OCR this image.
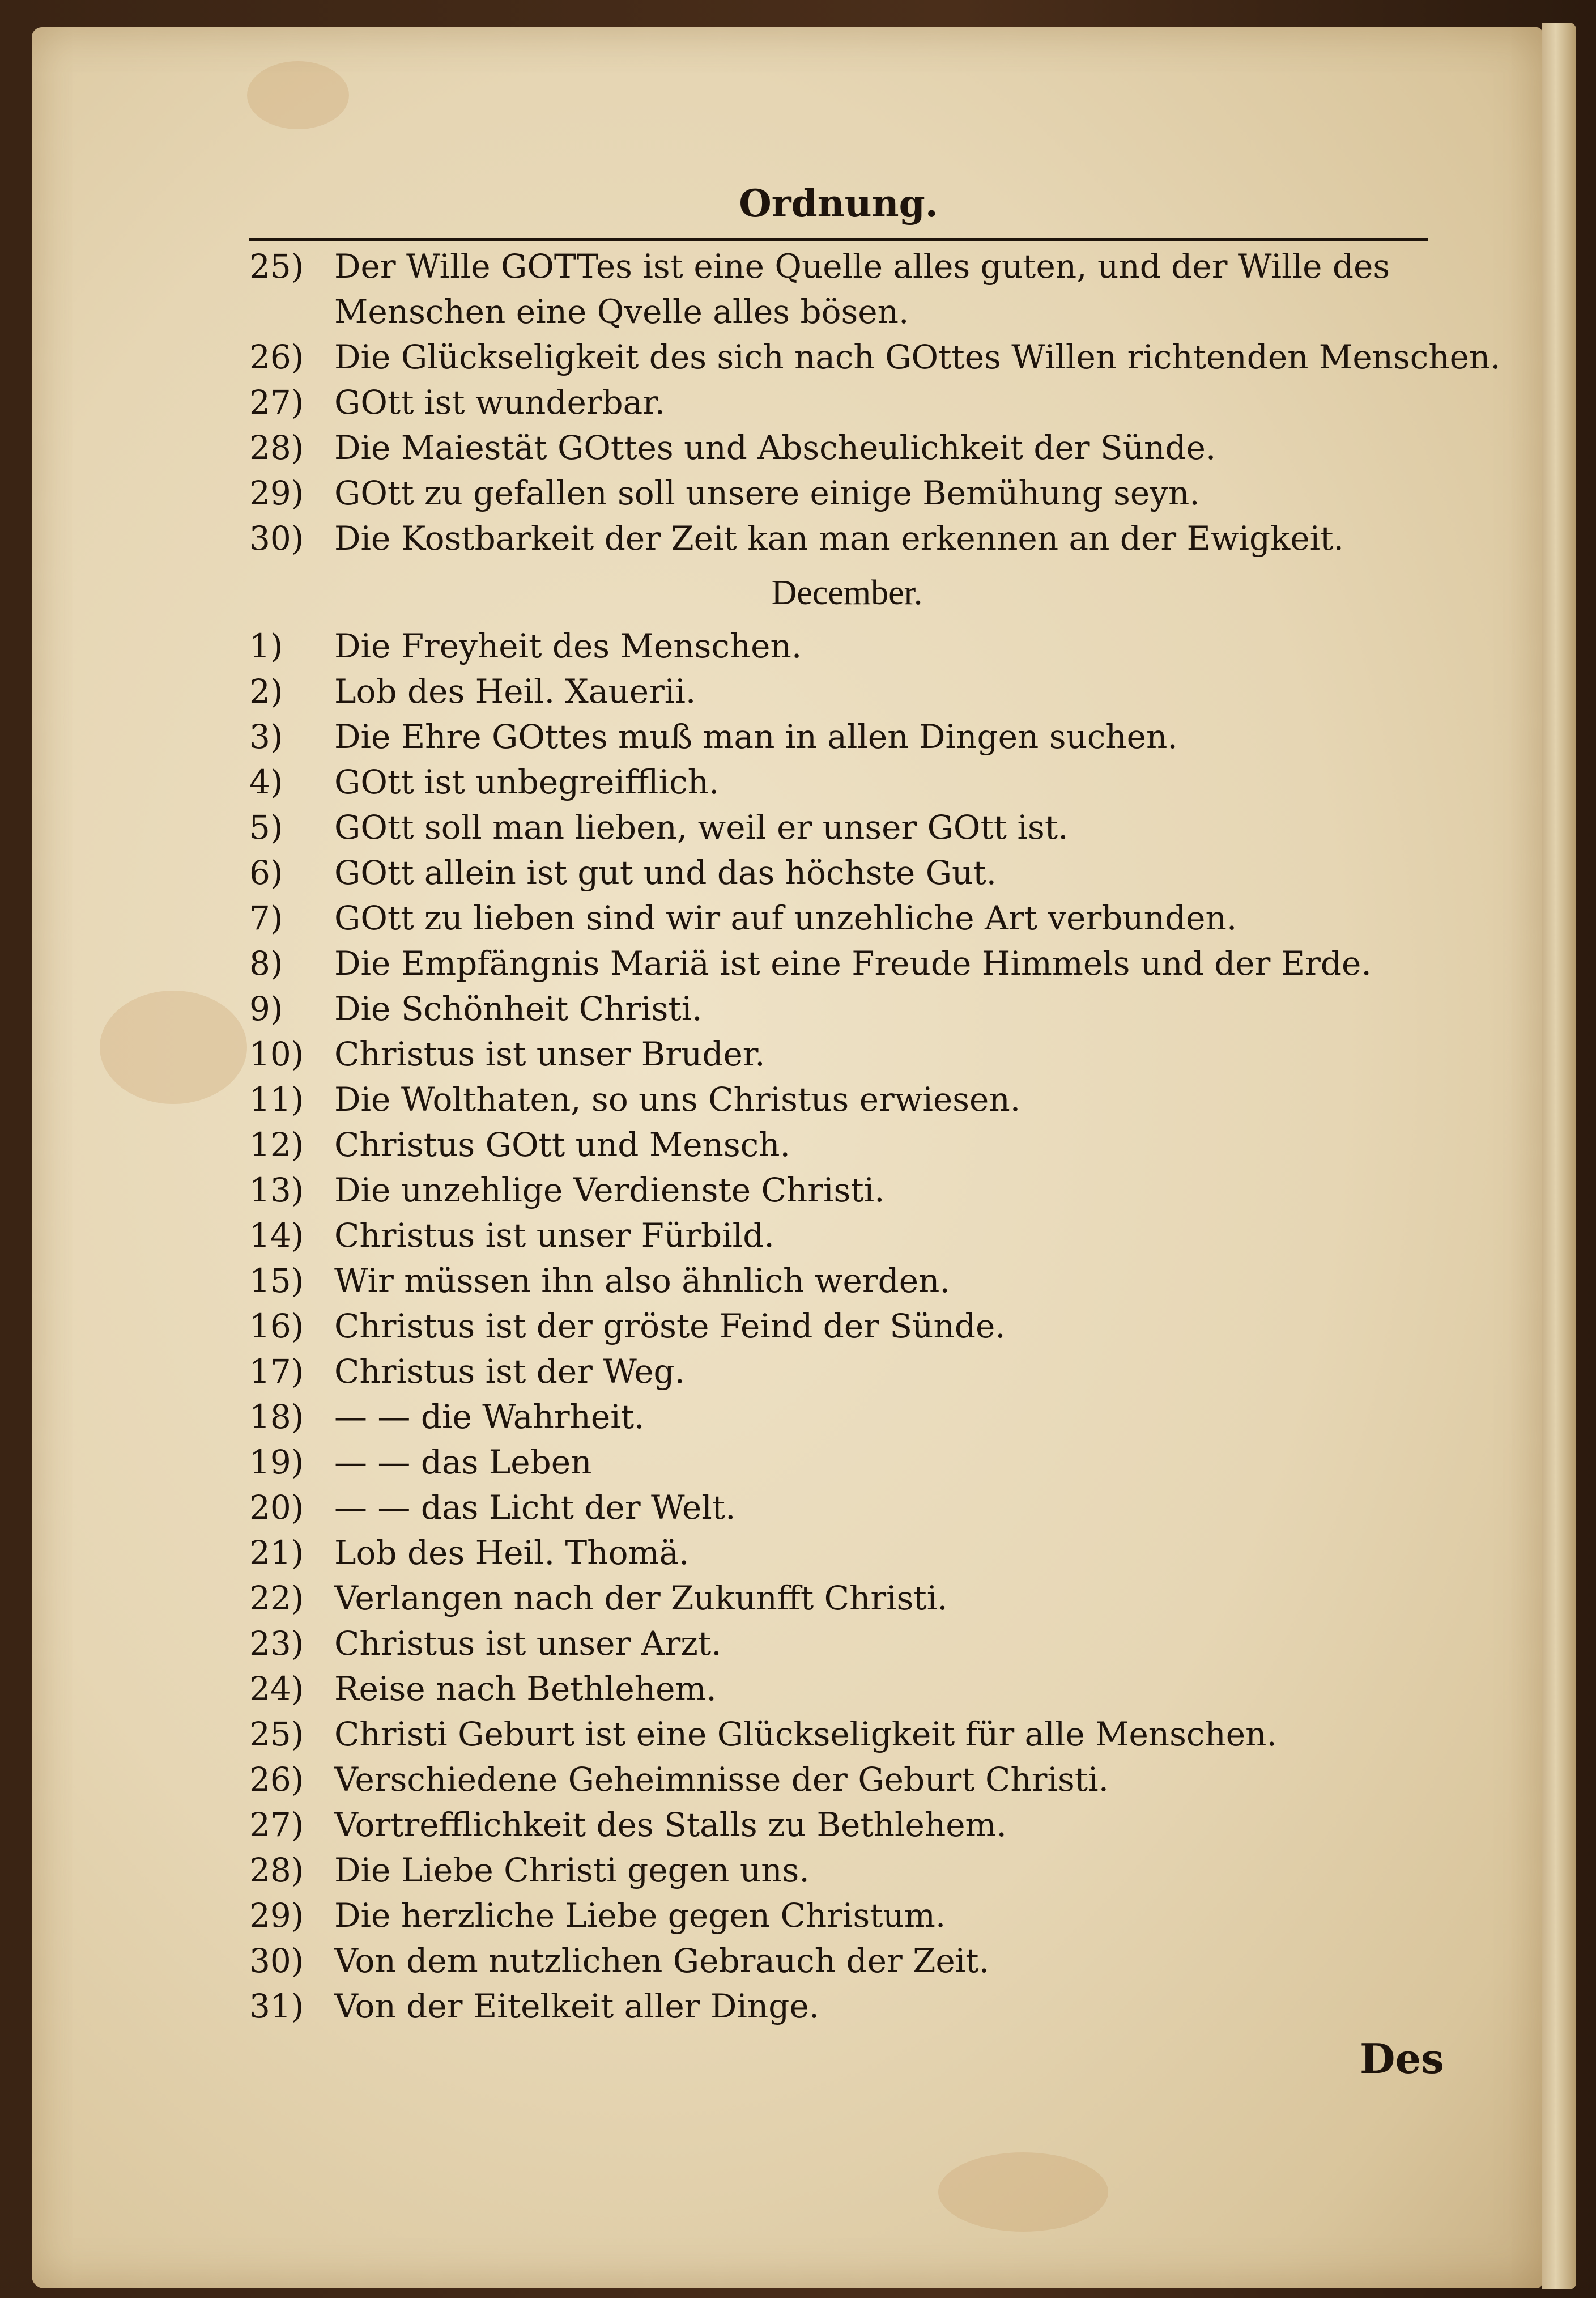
Ordnung.
25) Der Wille GOTTes ist eine Quelle alles guten, und der Wille des Menschen eine Qvelle alles bösen.
26) Die Glückseligkeit des sich nach GOttes Willen richtenden Menschen.
27) GOtt ist wunderbar.
28) Die Maiestät GOttes und Abscheulichkeit der Sünde.
29) GOtt zu gefallen soll unsere einige Bemühung seyn.
30) Die Kostbarkeit der Zeit kan man erkennen an der Ewigkeit.
December.
1) Die Freyheit des Menschen.
2) Lob des Heil. Xauerii.
3) Die Ehre GOttes muß man in allen Dingen suchen.
4) GOtt ist unbegreifflich.
5) GOtt soll man lieben, weil er unser GOtt ist.
6) GOtt allein ist gut und das höchste Gut.
7) GOtt zu lieben sind wir auf unzehliche Art verbunden.
8) Die Empfängnis Mariä ist eine Freude Himmels und der Erde.
9) Die Schönheit Christi.
10) Christus ist unser Bruder.
11) Die Wolthaten, so uns Christus erwiesen.
12) Christus GOtt und Mensch.
13) Die unzehlige Verdienste Christi.
14) Christus ist unser Fürbild.
15) Wir müssen ihn also ähnlich werden.
16) Christus ist der gröste Feind der Sünde.
17) Christus ist der Weg.
18) — — die Wahrheit.
19) — — das Leben
20) — — das Licht der Welt.
21) Lob des Heil. Thomä.
22) Verlangen nach der Zukunfft Christi.
23) Christus ist unser Arzt.
24) Reise nach Bethlehem.
25) Christi Geburt ist eine Glückseligkeit für alle Menschen.
26) Verschiedene Geheimnisse der Geburt Christi.
27) Vortrefflichkeit des Stalls zu Bethlehem.
28) Die Liebe Christi gegen uns.
29) Die herzliche Liebe gegen Christum.
30) Von dem nutzlichen Gebrauch der Zeit.
31) Von der Eitelkeit aller Dinge.
Des
